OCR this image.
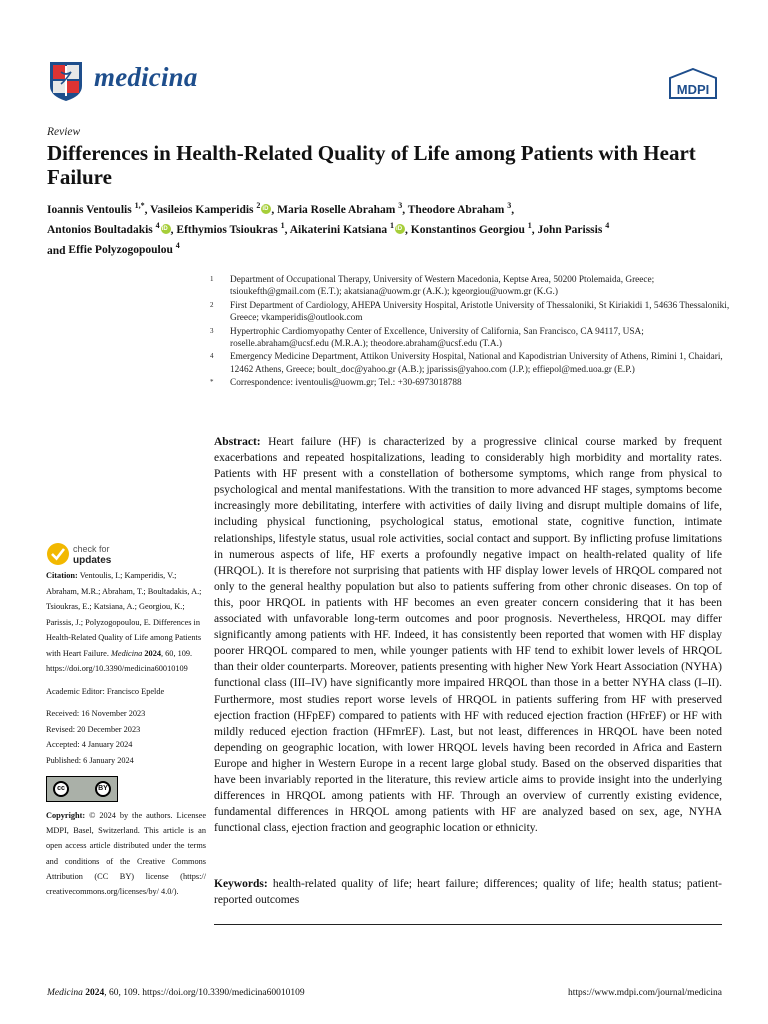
medicina	MDPI
Review
Differences in Health-Related Quality of Life among Patients with Heart Failure
Ioannis Ventoulis $^{1,*}$, Vasileios Kamperidis $^2$ iD , Maria Roselle Abraham $^3$, Theodore Abraham $^3$,
Antonios Boultadakis $^4$ iD , Efthymios Tsioukras $^1$, Aikaterini Katsiana $^1$ iD , Konstantinos Georgiou $^1$, John Parissis $^4$
and Effie Polyzogopoulou $^4$
1	Department of Occupational Therapy, University of Western Macedonia, Keptse Area, 50200 Ptolemaida, Greece; tsioukefth@gmail.com (E.T.); akatsiana@uowm.gr (A.K.); kgeorgiou@uowm.gr (K.G.)
2	First Department of Cardiology, AHEPA University Hospital, Aristotle University of Thessaloniki, St Kiriakidi 1, 54636 Thessaloniki, Greece; vkamperidis@outlook.com
3	Hypertrophic Cardiomyopathy Center of Excellence, University of California, San Francisco, CA 94117, USA; roselle.abraham@ucsf.edu (M.R.A.); theodore.abraham@ucsf.edu (T.A.)
4	Emergency Medicine Department, Attikon University Hospital, National and Kapodistrian University of Athens, Rimini 1, Chaidari, 12462 Athens, Greece; boult_doc@yahoo.gr (A.B.); jparissis@yahoo.com (J.P.); effiepol@med.uoa.gr (E.P.)
*	Correspondence: iventoulis@uowm.gr; Tel.: +30-6973018788
Abstract: Heart failure (HF) is characterized by a progressive clinical course marked by frequent exacerbations and repeated hospitalizations, leading to considerably high morbidity and mortality rates. Patients with HF present with a constellation of bothersome symptoms, which range from physical to psychological and mental manifestations. With the transition to more advanced HF stages, symptoms become increasingly more debilitating, interfere with activities of daily living and disrupt multiple domains of life, including physical functioning, psychological status, emotional state, cognitive function, intimate relationships, lifestyle status, usual role activities, social contact and support. By inflicting profuse limitations in numerous aspects of life, HF exerts a profoundly negative impact on health-related quality of life (HRQOL). It is therefore not surprising that patients with HF display lower levels of HRQOL compared not only to the general healthy population but also to patients suffering from other chronic diseases. On top of this, poor HRQOL in patients with HF becomes an even greater concern considering that it has been associated with unfavorable long-term outcomes and poor prognosis. Nevertheless, HRQOL may differ significantly among patients with HF. Indeed, it has consistently been reported that women with HF display poorer HRQOL compared to men, while younger patients with HF tend to exhibit lower levels of HRQOL than their older counterparts. Moreover, patients presenting with higher New York Heart Association (NYHA) functional class (III–IV) have significantly more impaired HRQOL than those in a better NYHA class (I–II). Furthermore, most studies report worse levels of HRQOL in patients suffering from HF with preserved ejection fraction (HFpEF) compared to patients with HF with reduced ejection fraction (HFrEF) or HF with mildly reduced ejection fraction (HFmrEF). Last, but not least, differences in HRQOL have been noted depending on geographic location, with lower HRQOL levels having been recorded in Africa and Eastern Europe and higher in Western Europe in a recent large global study. Based on the observed disparities that have been invariably reported in the literature, this review article aims to provide insight into the underlying differences in HRQOL among patients with HF. Through an overview of currently existing evidence, fundamental differences in HRQOL among patients with HF are analyzed based on sex, age, NYHA functional class, ejection fraction and geographic location or ethnicity.
Keywords: health-related quality of life; heart failure; differences; quality of life; health status; patient-reported outcomes
check for
updates

Citation: Ventoulis, I.; Kamperidis, V.; Abraham, M.R.; Abraham, T.; Boultadakis, A.; Tsioukras, E.; Katsiana, A.; Georgiou, K.; Parissis, J.; Polyzogopoulou, E. Differences in Health-Related Quality of Life among Patients with Heart Failure. Medicina 2024, 60, 109. https://doi.org/10.3390/medicina60010109

Academic Editor: Francisco Epelde

Received: 16 November 2023

Revised: 20 December 2023

Accepted: 4 January 2024

Published: 6 January 2024

cc	BY

Copyright: © 2024 by the authors. Licensee MDPI, Basel, Switzerland. This article is an open access article distributed under the terms and conditions of the Creative Commons Attribution (CC BY) license (https:// creativecommons.org/licenses/by/ 4.0/).

Medicina 2024, 60, 109. https://doi.org/10.3390/medicina60010109	https://www.mdpi.com/journal/medicina
